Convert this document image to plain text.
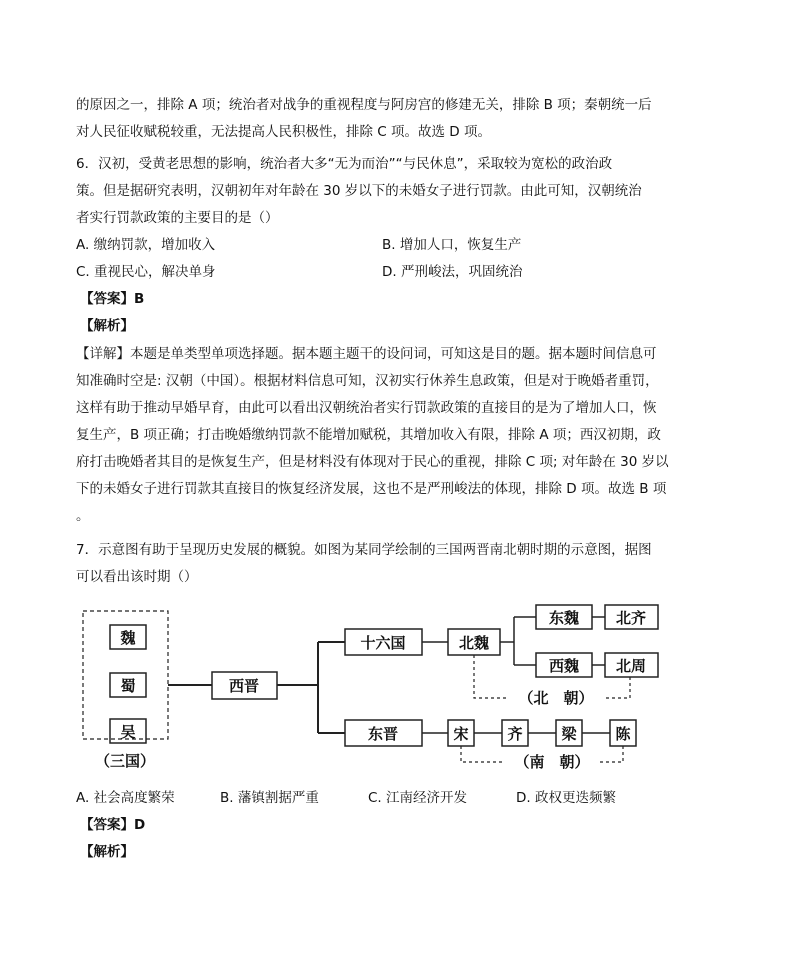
的原因之一，排除 A 项；统治者对战争的重视程度与阿房宫的修建无关，排除 B 项；秦朝统一后
对人民征收赋税较重，无法提高人民积极性，排除 C 项。故选 D 项。
6．汉初，受黄老思想的影响，统治者大多“无为而治”“与民休息”，采取较为宽松的政治政
策。但是据研究表明，汉朝初年对年龄在 30 岁以下的未婚女子进行罚款。由此可知，汉朝统治
者实行罚款政策的主要目的是（）
A. 缴纳罚款，增加收入	B. 增加人口，恢复生产
C. 重视民心，解决单身	D. 严刑峻法，巩固统治
【答案】B
【解析】
【详解】本题是单类型单项选择题。据本题主题干的设问词，可知这是目的题。据本题时间信息可
知准确时空是: 汉朝（中国）。根据材料信息可知，汉初实行休养生息政策，但是对于晚婚者重罚，
这样有助于推动早婚早育，由此可以看出汉朝统治者实行罚款政策的直接目的是为了增加人口，恢
复生产，B 项正确；打击晚婚缴纳罚款不能增加赋税，其增加收入有限，排除 A 项；西汉初期，政
府打击晚婚者其目的是恢复生产，但是材料没有体现对于民心的重视，排除 C 项; 对年龄在 30 岁以
下的未婚女子进行罚款其直接目的恢复经济发展，这也不是严刑峻法的体现，排除 D 项。故选 B 项
。
7．示意图有助于呈现历史发展的概貌。如图为某同学绘制的三国两晋南北朝时期的示意图，据图
可以看出该时期（）
魏
蜀
吴
（三国）
西晋
十六国	北魏
东魏 北齐
西魏 北周
（北　朝）
东晋	宋	齐	梁	陈
（南　朝）
A. 社会高度繁荣	B. 藩镇割据严重	C. 江南经济开发	D. 政权更迭频繁
【答案】D
【解析】
